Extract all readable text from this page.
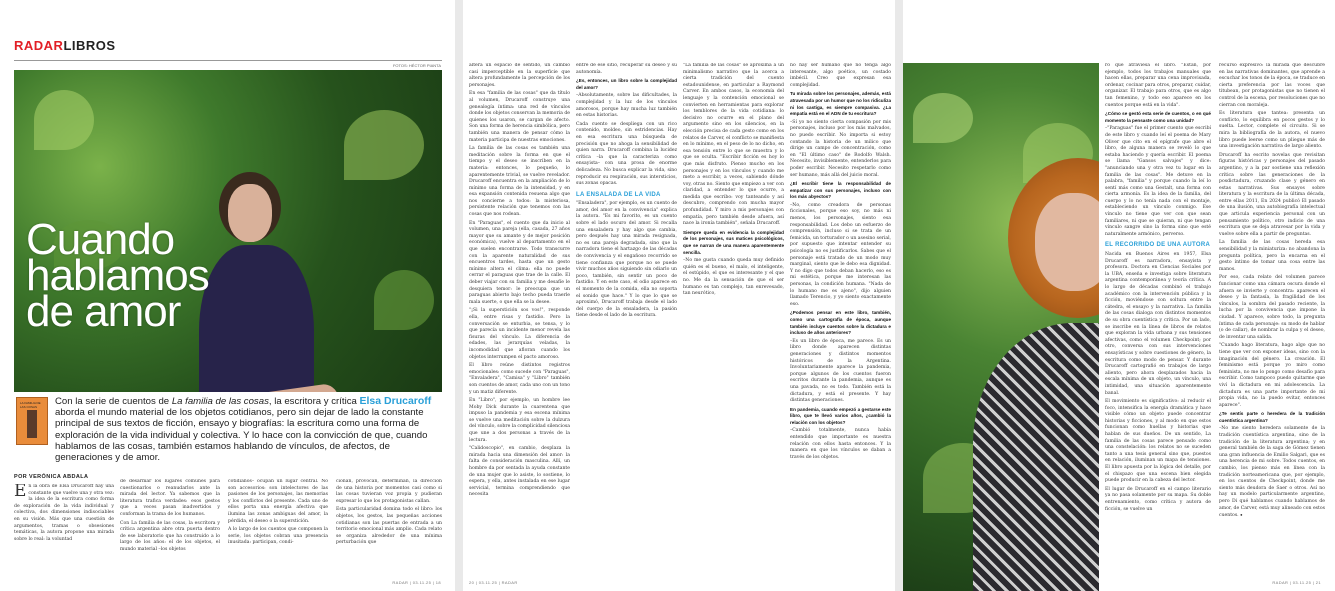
RADARLIBROS
FOTOS: HÉCTOR PIANTA
Cuando
hablamos
de amor
LA FAMILIA DE LAS COSAS	Con la serie de cuentos de La familia de las cosas, la escritora y crítica Elsa Drucaroff aborda el mundo material de los objetos cotidianos, pero sin dejar de lado la constante principal de sus textos de ficción, ensayo y biografías: la escritura como una forma de exploración de la vida individual y colectiva. Y lo hace con la convicción de que, cuando hablamos de las cosas, también estamos hablando de vínculos, de afectos, de generaciones y de amor.
POR VERÓNICA ABDALA

En la obra de Elsa Drucaroff hay una constante que vuelve una y otra vez: la idea de la escritura como forma de exploración de la vida individual y colectiva, dos dimensiones indisociables en su visión. Más que una cuestión de argumentos, tramas o obsesiones temáticas, la autora propone una mirada sobre lo real: la voluntad

de desarmar los lugares comunes para cuestionarlos o reanudarlos ante la mirada del lector. Ya sabemos que la literatura trafica verdades: esos gestos que a veces pasan inadvertidos y conforman la trama de los humanos.

Con La familia de las cosas, la escritora y crítica argentina abre otra puerta dentro de ese laboratorio que ha construido a lo largo de los años: el de los objetos, el mundo material –los objetos

cotidianos– ocupan un lugar central. No son accesorios: son intelectores de las pasiones de los personajes, las memorias y los conflictos del presente. Cada uno de ellos porta una energía afectiva que ilumina las zonas ambiguas del amor, la pérdida, el deseo o la superstición.

A lo largo de los cuentos que componen la serie, los objetos cobran una presencia inusitada: participan, condi-

cionan, provocan, determinan, la dirección de una historia por momentos casi como si las cosas tuvieran voz propia y pudieran expresar lo que los protagonistas callan.

Esta particularidad domina todo el libro: los objetos, los gestos, las pequeñas acciones cotidianas son las puertas de entrada a un territorio emocional más amplio. Cada relato se organiza alrededor de una mínima perturbación que

RADAR | 03.11.25 | 18

altera un espacio de sentido, un cambio casi imperceptible en la superficie que altera profundamente la percepción de los personajes.

En esa "familia de las cosas" que da título al volumen, Drucaroff construye una genealogía íntima: una red de vínculos donde los objetos conservan la memoria de quienes los usaron, se cargan de afecto. Son una forma de herencia simbólica, pero también una manera de pensar cómo la materia participa de nuestras emociones.

La familia de las cosas es también una meditación sobre la forma en que el tiempo y el deseo se inscriben en la materia: entonces, lo pequeño, lo aparentemente trivial, se vuelve revelador. Drucaroff encuentra en la ampliación de lo mínimo una forma de la intensidad, y en esa expansión contenida resuena algo que nos concierne a todos: la misteriosa, persistente relación que tenemos con las cosas que nos rodean.

En "Paraguas", el cuento que da inicio al volumen, una pareja (ella, casada, 27 años mayor que su amante y de mejor posición económica), vuelve al departamento en el que suelen encontrarse. Todo transcurre con la aparente naturalidad de sus encuentros tardes, hasta que un gesto mínimo altera el clima: ella no puede cerrar el paraguas que trae de la calle. El deber viajar con su familia y me desafíe le desquiera temor: le preocupa que un paraguas abierto bajo techo pueda traerle mala suerte, o que ella se la desee.

"¡Si la superstición sos vos!", responde ella, entre risas y fastidio. Pero la conversación se enturbia, se tensa, y lo que parecía un incidente menor revela las fisuras del vínculo. La diferencia de edades, las jerarquías veladas, la incomodidad que afloran cuando los objetos interrumpen el pacto amoroso.

El libro reúne distintos registros emocionales: como sucede con "Paraguas", "Envaladera", "Camisa" y "Libro" también son cuentos de amor, cada uno con un tono y un matiz diferente.

En "Libro", por ejemplo, un hombre lee Moby Dick durante la cuarentena que impuso la pandemia y esa escena mínima se vuelve una meditación sobre la dulzura del vínculo, sobre la complicidad silenciosa que une a dos personas a través de la lectura.

"Calidoscopio", en cambio, desplaza la mirada hacia una dimensión del amor: la falta de consideración masculina. Allí, un hombre da por sentada la ayuda constante de una mujer que lo asiste, lo sostiene, lo espera, y ella, antes instalada en ese lugar servicial, termina comprendiendo que necesita

entre de ese sitio, recuperar su deseo y su autonomía.

¿Es, entonces, un libro sobre la complejidad del amor?

–Absolutamente, sobre las dificultades, la complejidad y la luz de los vínculos amorosos, porque hay mucha luz también en estas historias.

Cada cuento se despliega con un rico contenido, moldeo, sin estridencias. Hay en esa escritura una búsqueda de precisión que no ahoga la sensibilidad de quien narra. Drucaroff combina la lucidez crítica –la que la caracteriza como ensayista– con una prosa de enorme delicadeza. No busca explicar la vida, sino reproducir su respiración, sus intersticios, sus zonas opacas.

LA ENSALADA DE LA VIDA

"Ensaladera", por ejemplo, es un cuento de amor, del amor en la convivencia" explica la autora. "Es mi favorito, es un cuento sobre el lado oscuro del amor. Si recalla una ensaladera y hay algo que cambia, pero después hay una mirada resignada, no es una pareja degradada, sino que la narradora tiene el hartazgo de las décadas de convivencia y el engañoso recorrido se tiene confianza que porque no se puede vivir muchos años siguiendo sin odiarlo un poco, también, sin sentir un poco de fastidio. Y en este caso, el odio aparece en el momento de la comida, ella no soporta el sonido que hace." Y lo que lo que se aproximó, Drucaroff trabaja desde el lado del cuerpo de la ensaladera, la pasión tiene desde el lado de la escritura.

"La familia de las cosas" se aproxima a un minimalismo narrativo que la acerca a cierta tradición del cuento estadounidense, en particular a Raymond Carver. En ambos casos, la economía del lenguaje y la contención emocional se convierten en herramientas para explorar los temblores de la vida cotidiana: lo decisivo no ocurre en el plano del argumento sino en los silencios, en la elección precisa de cada gesto como en los relatos de Carver, el conflicto se manifiesta en lo mínimo, en el peso de lo no dicho, en esa tensión entre lo que se muestra y lo que se oculta. "Escribir ficción es hoy lo que más disfruto. Pienso mucho en los personajes y en los vínculos y cuando me meto a escribir, a veces, sabiendo dónde voy, otras no. Siento que empiezo a ver con claridad, a entender lo que ocurre, a medida que escribo: voy tanteando y así descubro, comprendo con mucha mayor profundidad. Y miro a mis personajes con empatía, pero también desde afuera, así nace la ironía también", señala Drucaroff.

Siempre queda en evidencia la complejidad de los personajes, sus matices psicológicos, que se narran de una manera aparentemente sencilla.

–No me gusta cuando queda muy definido quién es el bueno, el malo, el inteligente, el estúpido, el que es interesante y el que no. Me da la sensación de que el ser humano es tan complejo, tan enrevesado, tan neurótico,

no hay ser humano que no tenga algo interesante, algo poético, un costado imbécil. Creo que expresan esa complejidad.

Tu mirada sobre los personajes, además, está atravesada por un humor que no los ridiculiza ni los castiga, es siempre compasiva. ¿La empatía está en el ADN de tu escritura?

–Sí yo no siento cierta compasión por mis personajes, incluso por los más malvados, no puedo escribir. No importa si estoy contando la historia de un milico que dirige un campo de concentración, como en "El último caso" de Rodolfo Walsh. Necesito, invisiblemente, entenderlos para poder escribir. Necesito respetarlo como ser humano, más allá del juicio moral.

¿El escribir tiene la responsabilidad de empatizar con sus personajes, incluso con los más abyectos?

–No, como creadora de personas ficcionales, porque eso soy, no más ni menos, los personajes, siento esa responsabilidad. Los debo un esfuerzo de comprensión, incluso si se trata de un femicida, un torturador o un asesino serial, por supuesto que intentar entender su psicología no es justificarlos. Sabes que el personaje está tratado de un modo muy marginal, siento que le debo esa dignidad. Y no digo que todos deban hacerlo, eso es mi estética, porque me interesan las personas, la condición humana. "Nada de lo humano me es ajeno", dijo alguien llamado Terencio, y yo siento exactamente eso.

¿Podemos pensar en este libro, también, como una cartografía de época, aunque también incluye cuentos sobre la dictadura e incluso de años anteriores?

–Es un libro de época, me parece. Es un libro donde aparecen distintas generaciones y distintos momentos históricos de la Argentina. Involuntariamente aparece la pandemia, porque algunos de los cuentos fueron escritos durante la pandemia, aunque es una pavada, no es todo. También está la dictadura, y está el presente. Y hay distintas generaciones.

En pandemia, cuando empezó a gestarse este libro, que te llevó varios años, ¿cambió la relación con los objetos?

–Cambió totalmente, nunca había entendido que importante es nuestra relación con ellos hasta entonces. Y la manera en que los vínculos se daban a través de los objetos.

20 | 03.11.25 | RADAR

ro que atraviesa el libro. "Están, por ejemplo, todos los trabajos manuales que hacen ellas, preparar una cena improvisada, ordenar, cocinar para otros, preparar, cuidar, organizar. El trabajo para otros, que es algo tan femenino, y todo eso aparece en los cuentos porque está en la vida".

¿Cómo se gestó esta serie de cuentos, o en qué momento la pensaste como una unidad?

–"Paraguas" fue el primer cuento que escribí de este libro y cuando leí el poema de Mary Oliver que cito en el epígrafe que abre el libro, de alguna manera se reveló lo que estaba haciendo y quería escribir. El poema se llama "Gansos salvajes" y dice: "anunciando una y otra vez tu lugar en la familia de las cosas". Me detuve en la palabra, "familia" y porque cuando la leí lo sentí más como una Gestalt, una forma con cierta armonía. Es la idea de la familia, del cuerpo y lo no tenía nada con el montaje, estableciendo un vínculo conmigo. Ese vínculo no tiene que ver con que sean familiares, ni que se quieran, ni que tengan vínculo sangre sino la forma sino que esté naturalmente armónico, perverso.

EL RECORRIDO DE UNA AUTORA

Nacida en Buenos Aires en 1957, Elsa Drucaroff es narradora, ensayista y profesora. Doctora en Ciencias Sociales por la UBA, enseña e investiga sobre literatura argentina contemporánea y teoría crítica. A lo largo de décadas combinó el trabajo académico con la intervención pública y la ficción, moviéndose con soltura entre la cátedra, el ensayo y la narrativa. La familia de las cosas dialoga con distintos momentos de su obra cuentística y crítica. Por un lado, se inscribe en la línea de libros de relatos que exploran la vida urbana y sus tensiones afectivas, como el volumen Checkpoint; por otro, conversa con sus intervenciones ensayísticas y sobre cuestiones de género, la escritura como modo de pensar. Y durante Drucaroff cartografió en trabajos de largo aliento, pero ahora desplazados hacia la escala mínima de un objeto, un vínculo, una intimidad, una situación aparentemente banal.

El movimiento es significativo: al reducir el foco, intensifica la energía dramática y hace visible cómo un objeto puede concentrar historias y ficciones, y al modo en que estos funcionan como huellas y historias que hablan de sus dueños. De un sentido, La familia de las cosas parece pensado como una constelación: los relatos no se suceden tanto a una tesis general sino que, puestos en relación, iluminan un mapa de tensiones. El libro apuesta por la lógica del detalle, por el chispazo que una escena bien elegida puede producir en la cabeza del lector.

El lugar de Drucaroff en el campo literario ya no pasa solamente por su mapa. Su doble entrenamiento, como crítica y autora de ficción, se vuelve un

recurso expresivo: la mirada que descubre en las narrativas dominantes, que aprende a escuchar los tonos de la época, se traduce en cierta preferencia por las voces que titubean, por protagonistas que no tienen el control de la escena, por resoluciones que no cierran con moraleja.

Es literatura que tantea: presenta un conflicto, lo equilibra en pocos gestos y lo suelta. Lector, complete el circuito. Si se mira la bibliografía de la autora, el nuevo libro puede leerse como un pliegue más de una investigación narrativa de largo aliento.

Drucaroff ha escrito novelas que revisitan figuras históricas y personajes del pasado argentino, y a la par sostiene una reflexión crítica sobre las generaciones de la posdictadura, cruzando clase y género en estas narrativas. Sus ensayos sobre literatura y la escritura de la última década, entre ellas 2011, En 2024 publicó El pasado de una ilusión, una autobiografía intelectual que articula experiencia personal con un pensamiento político, otro indicio de una escritura que se deja atravesar por la vida y vuelve sobre ella a partir de preguntas.

La familia de las cosas hereda esa sensibilidad y la miniaturiza: no abandona la pregunta política, pero la encarna en el gesto íntimo de tomar una cosa entre las manos.

Por eso, cada relato del volumen parece funcionar como una cámara oscura donde el afuera se invierte y concentra: aparecen el deseo y la fantasía, la fragilidad de los vínculos, la sombra del pasado reciente, la lucha por la convivencia que impone la ciudad. Y aparece, sobre todo, la pregunta íntima de cada personaje: su modo de hablar (o de callar), de nombrar la culpa y el deseo, de inventar una salida.

"Cuando hago literatura, hago algo que no tiene que ver con exponer ideas, sino con la imaginación del género. La creación. El feminismo está porque yo miro como feminista, no me lo pongo como desafío para escribir. Como tampoco puedo quitarme que viví la dictadura en mi adolescencia. La dictadura es una parte importante de mi propia vida, no la puedo evitar, entonces aparece".

¿Te sentís parte o heredera de la tradición cuentística argentina?

–No me siento heredera solamente de la tradición cuentística argentina, sino de la tradición de la literatura argentina; y en general también de la saga de Gómez tienen una gran influencia de Emilio Salgari, que es una herencia de mi sobre. Todos cuentos, en cambio, los pienso más en línea con la tradición norteamericana que, por ejemplo, en los cuentos de Checkpoint, donde me siento más deudora de Saer o otros. Así no hay un modelo particularmente argentino, pero Di qué hablamos cuando hablamos de amor, de Carver, está muy alineado con estos cuentos. ●

RADAR | 03.11.25 | 21
